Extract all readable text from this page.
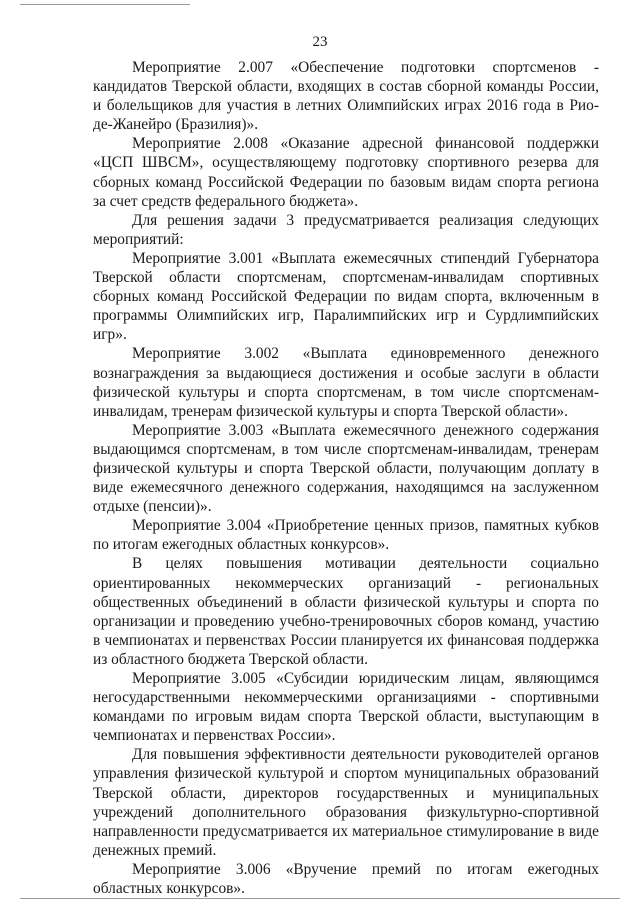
23

Мероприятие 2.007 «Обеспечение подготовки спортсменов - кандидатов Тверской области, входящих в состав сборной команды России, и болельщиков для участия в летних Олимпийских играх 2016 года в Рио-де-Жанейро (Бразилия)».

Мероприятие 2.008 «Оказание адресной финансовой поддержки «ЦСП ШВСМ», осуществляющему подготовку спортивного резерва для сборных команд Российской Федерации по базовым видам спорта региона за счет средств федерального бюджета».

Для решения задачи 3 предусматривается реализация следующих мероприятий:

Мероприятие 3.001 «Выплата ежемесячных стипендий Губернатора Тверской области спортсменам, спортсменам-инвалидам спортивных сборных команд Российской Федерации по видам спорта, включенным в программы Олимпийских игр, Паралимпийских игр и Сурдлимпийских игр».

Мероприятие 3.002 «Выплата единовременного денежного вознаграждения за выдающиеся достижения и особые заслуги в области физической культуры и спорта спортсменам, в том числе спортсменам-инвалидам, тренерам физической культуры и спорта Тверской области».

Мероприятие 3.003 «Выплата ежемесячного денежного содержания выдающимся спортсменам, в том числе спортсменам-инвалидам, тренерам физической культуры и спорта Тверской области, получающим доплату в виде ежемесячного денежного содержания, находящимся на заслуженном отдыхе (пенсии)».

Мероприятие 3.004 «Приобретение ценных призов, памятных кубков по итогам ежегодных областных конкурсов».

В целях повышения мотивации деятельности социально ориентированных некоммерческих организаций - региональных общественных объединений в области физической культуры и спорта по организации и проведению учебно-тренировочных сборов команд, участию в чемпионатах и первенствах России планируется их финансовая поддержка из областного бюджета Тверской области.

Мероприятие 3.005 «Субсидии юридическим лицам, являющимся негосударственными некоммерческими организациями - спортивными командами по игровым видам спорта Тверской области, выступающим в чемпионатах и первенствах России».

Для повышения эффективности деятельности руководителей органов управления физической культурой и спортом муниципальных образований Тверской области, директоров государственных и муниципальных учреждений дополнительного образования физкультурно-спортивной направленности предусматривается их материальное стимулирование в виде денежных премий.

Мероприятие 3.006 «Вручение премий по итогам ежегодных областных конкурсов».
